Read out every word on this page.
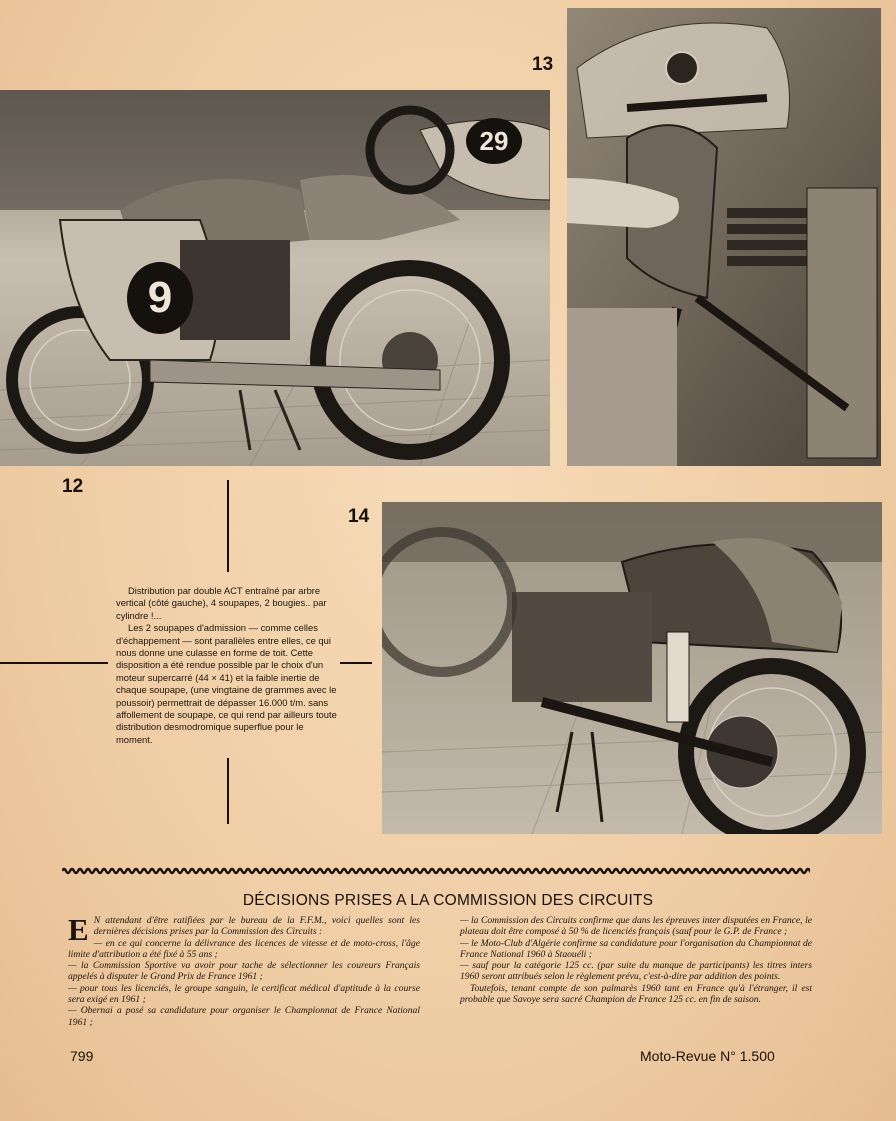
9
29
13
12
14

Distribution par double ACT entraîné par arbre vertical (côté gauche), 4 soupapes, 2 bougies.. par cylindre !...

Les 2 soupapes d'admission — comme celles d'échappement — sont parallèles entre elles, ce qui nous donne une culasse en forme de toit. Cette disposition a été rendue possible par le choix d'un moteur supercarré (44 × 41) et la faible inertie de chaque soupape, (une vingtaine de grammes avec le poussoir) permettrait de dépasser 16.000 t/m. sans affollement de soupape, ce qui rend par ailleurs toute distribution desmodromique superflue pour le moment.

DÉCISIONS PRISES A LA COMMISSION DES CIRCUITS

E N attendant d'être ratifiées par le bureau de la F.F.M., voici quelles sont les dernières décisions prises par la Commission des Circuits :

— en ce qui concerne la délivrance des licences de vitesse et de moto-cross, l'âge limite d'attribution a été fixé à 55 ans ;

— la Commission Sportive va avoir pour tache de sélectionner les coureurs Français appelés à disputer le Grand Prix de France 1961 ;

— pour tous les licenciés, le groupe sanguin, le certificat médical d'aptitude à la course sera exigé en 1961 ;

— Obernai a posé sa candidature pour organiser le Championnat de France National 1961 ;

— la Commission des Circuits confirme que dans les épreuves inter disputées en France, le plateau doit être composé à 50 % de licenciés français (sauf pour le G.P. de France ;

— le Moto-Club d'Algérie confirme sa candidature pour l'organisation du Championnat de France National 1960 à Staouéli ;

— sauf pour la catégorie 125 cc. (par suite du manque de participants) les titres inters 1960 seront attribués selon le règlement prévu, c'est-à-dire par addition des points.

Toutefois, tenant compte de son palmarès 1960 tant en France qu'à l'étranger, il est probable que Savoye sera sacré Champion de France 125 cc. en fin de saison.

799	Moto-Revue N° 1.500
